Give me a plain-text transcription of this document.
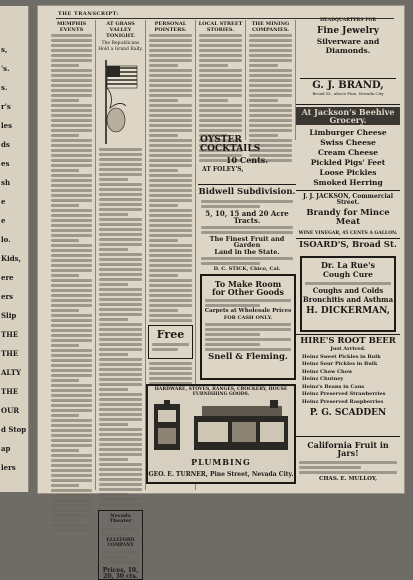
s,
's.
s.
r's
les
ds
es
sh
e
e
lo.
Kids,
ere
ers
Slip
THE
THE
ALTY
THE
OUR
d Stop
ap
lers
THE TRANSCRIPT:
MEMPHIS EVENTS
AT GRASS VALLEY TONIGHT.
The Republicans Hold a Grand Rally.
Nevada Theater
ELLEFORD COMPANY
Prices, 10, 20, 30 cts.
PERSONAL POINTERS.
Free
LOCAL STREET STORIES.
THE MINING COMPANIES.
OYSTER
COCKTAILS
10 Cents.
AT FOLEY'S,
Bidwell Subdivision.
5, 10, 15 and 20 Acre Tracts.
The Finest Fruit and Garden
Land in the State.
D. C. STICK, Chico, Cal.
To Make Room
for Other Goods
Carpets at Wholesale Prices
FOR CASH ONLY.
Snell & Fleming.
HARDWARE, STOVES, RANGES, CROCKERY, HOUSE FURNISHING GOODS.
PLUMBING
GEO. E. TURNER, Pine Street, Nevada City.
HEADQUARTERS FOR
Fine Jewelry
Silverware and
Diamonds.
G. J. BRAND,
Broad St., above Pine, Nevada City
At Jackson's Beehive Grocery.
Limburger Cheese
Swiss Cheese
Cream Cheese
Pickled Pigs' Feet
Loose Pickles
Smoked Herring
J. J. JACKSON, Commercial Street.
Brandy for Mince Meat
WINE VINEGAR, 45 CENTS A GALLON.
ISOARD'S, Broad St.
Dr. La Rue's
Cough Cure
Coughs and Colds
Bronchitis and Asthma
H. DICKERMAN,
HIRE'S ROOT BEER
Just Arrived.
Heinz Sweet Pickles in Bulk
Heinz Sour Pickles in Bulk
Heinz Chow Chow
Heinz Chutney
Heinz's Beans in Cans
Heinz Preserved Strawberries
Heinz Preserved Raspberries
P. G. SCADDEN
California Fruit in Jars!
CHAS. E. MULLOY,
